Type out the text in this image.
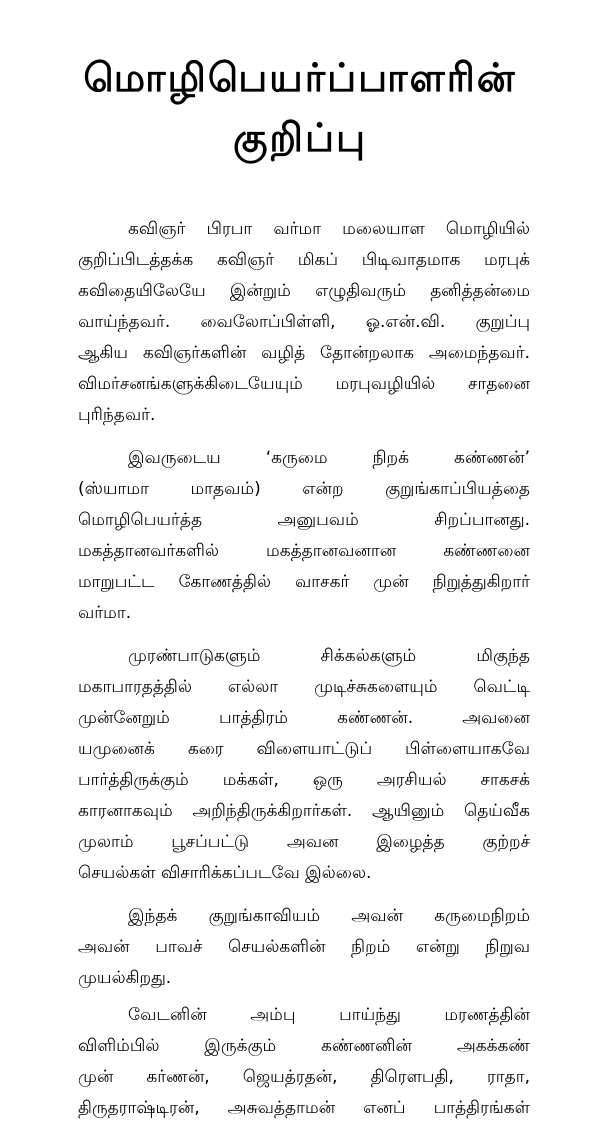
மொழிபெயர்ப்பாளரின்
குறிப்பு
கவிஞர் பிரபா வர்மா மலையாள மொழியில்
குறிப்பிடத்தக்க கவிஞர் மிகப் பிடிவாதமாக மரபுக்
கவிதையிலேயே இன்றும் எழுதிவரும் தனித்தன்மை
வாய்ந்தவர். வைலோப்பிள்ளி, ஓ.என்.வி. குறுப்பு
ஆகிய கவிஞர்களின் வழித் தோன்றலாக அமைந்தவர்.
விமர்சனங்களுக்கிடையேயும் மரபுவழியில் சாதனை
புரிந்தவர்.
இவருடைய ‘கருமை நிறக் கண்ணன்’
(ஸ்யாமா மாதவம்) என்ற குறுங்காப்பியத்தை
மொழிபெயர்த்த அனுபவம் சிறப்பானது.
மகத்தானவர்களில் மகத்தானவனான கண்ணனை
மாறுபட்ட கோணத்தில் வாசகர் முன் நிறுத்துகிறார்
வர்மா.
முரண்பாடுகளும் சிக்கல்களும் மிகுந்த
மகாபாரதத்தில் எல்லா முடிச்சுகளையும் வெட்டி
முன்னேறும் பாத்திரம் கண்ணன். அவனை
யமுனைக் கரை விளையாட்டுப் பிள்ளையாகவே
பார்த்திருக்கும் மக்கள், ஒரு அரசியல் சாகசக்
காரனாகவும் அறிந்திருக்கிறார்கள். ஆயினும் தெய்வீக
முலாம் பூசப்பட்டு அவன இழைத்த குற்றச்
செயல்கள் விசாரிக்கப்படவே இல்லை.
இந்தக் குறுங்காவியம் அவன் கருமைநிறம்
அவன் பாவச் செயல்களின் நிறம் என்று நிறுவ
முயல்கிறது.
வேடனின் அம்பு பாய்ந்து மரணத்தின்
விளிம்பில் இருக்கும் கண்ணனின் அகக்கண்
முன் கர்ணன், ஜெயத்ரதன், திரௌபதி, ராதா,
திருதராஷ்டிரன், அசுவத்தாமன் எனப் பாத்திரங்கள்
